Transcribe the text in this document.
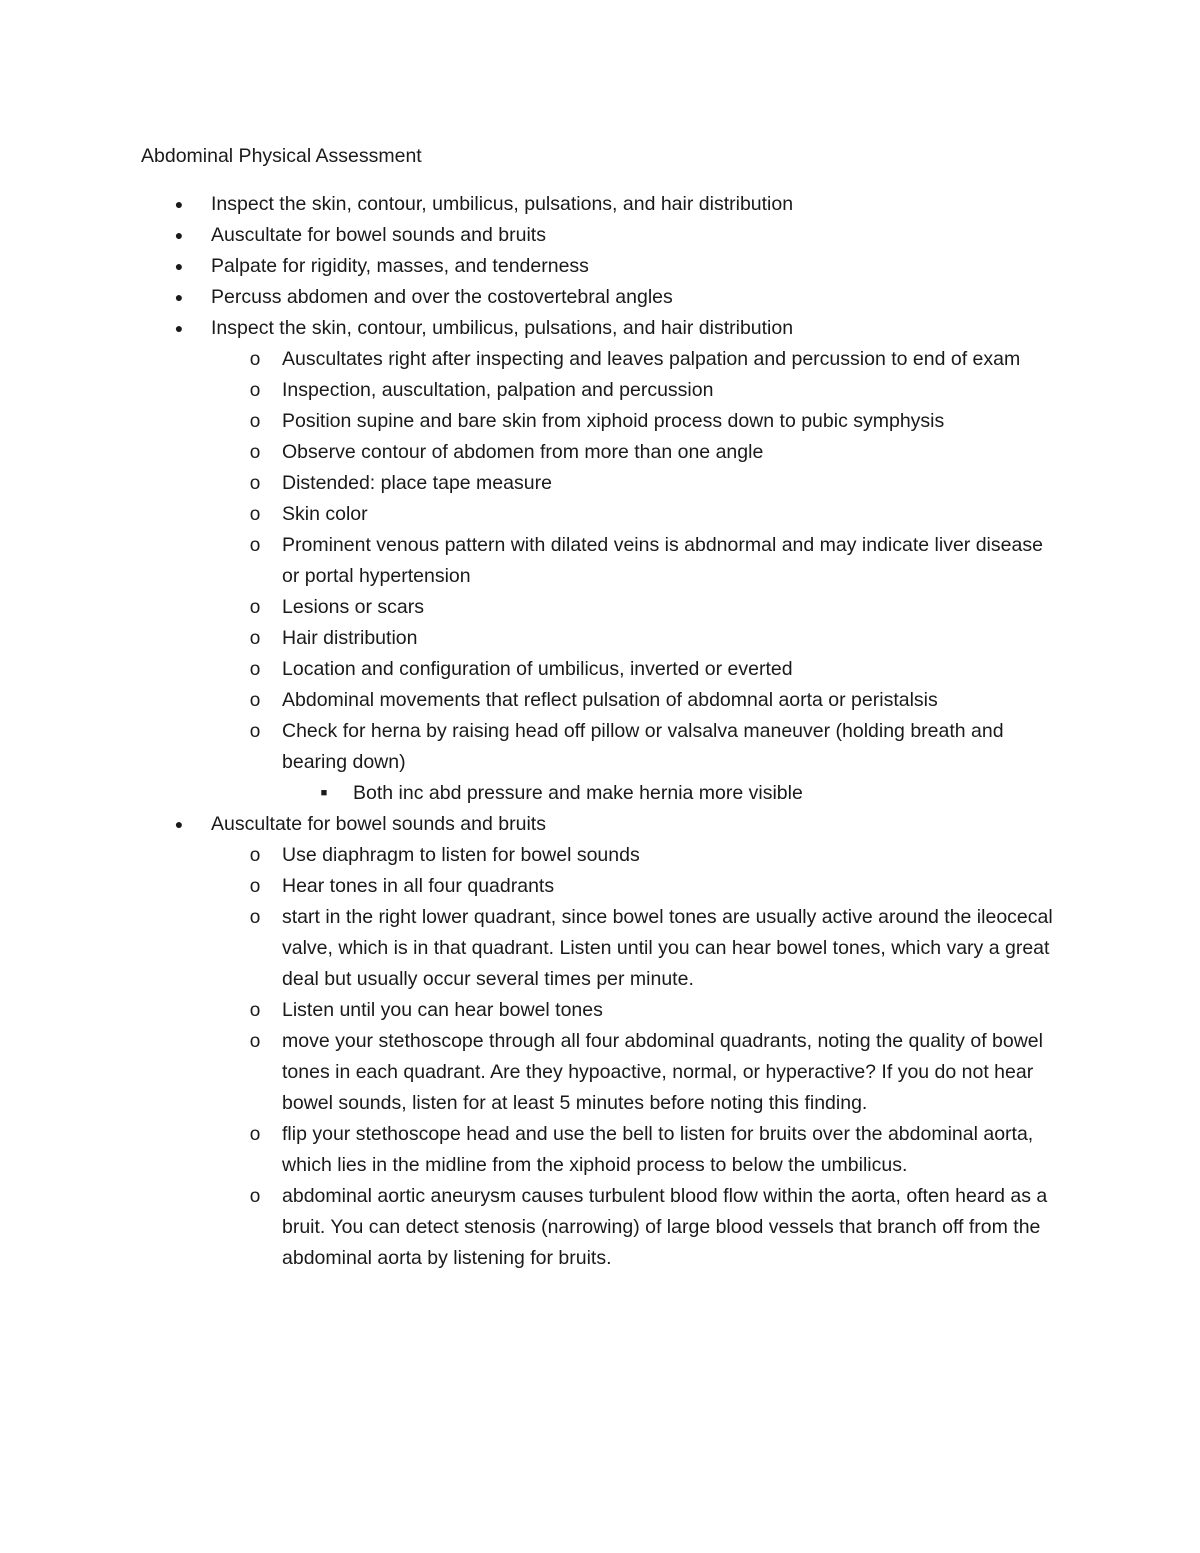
Abdominal Physical Assessment
●	Inspect the skin, contour, umbilicus, pulsations, and hair distribution
●	Auscultate for bowel sounds and bruits
●	Palpate for rigidity, masses, and tenderness
●	Percuss abdomen and over the costovertebral angles
●	Inspect the skin, contour, umbilicus, pulsations, and hair distribution
o Auscultates right after inspecting and leaves palpation and percussion to end of exam
o Inspection, auscultation, palpation and percussion
o Position supine and bare skin from xiphoid process down to pubic symphysis
o Observe contour of abdomen from more than one angle
o Distended: place tape measure
o Skin color
o Prominent venous pattern with dilated veins is abdnormal and may indicate liver disease or portal hypertension
o Lesions or scars
o Hair distribution
o Location and configuration of umbilicus, inverted or everted
o Abdominal movements that reflect pulsation of abdomnal aorta or peristalsis
o Check for herna by raising head off pillow or valsalva maneuver (holding breath and bearing down)
■ Both inc abd pressure and make hernia more visible
●	Auscultate for bowel sounds and bruits
o Use diaphragm to listen for bowel sounds
o Hear tones in all four quadrants
o start in the right lower quadrant, since bowel tones are usually active around the ileocecal valve, which is in that quadrant. Listen until you can hear bowel tones, which vary a great deal but usually occur several times per minute.
o Listen until you can hear bowel tones
o move your stethoscope through all four abdominal quadrants, noting the quality of bowel tones in each quadrant. Are they hypoactive, normal, or hyperactive? If you do not hear bowel sounds, listen for at least 5 minutes before noting this finding.
o flip your stethoscope head and use the bell to listen for bruits over the abdominal aorta, which lies in the midline from the xiphoid process to below the umbilicus.
o abdominal aortic aneurysm causes turbulent blood flow within the aorta, often heard as a bruit. You can detect stenosis (narrowing) of large blood vessels that branch off from the abdominal aorta by listening for bruits.
